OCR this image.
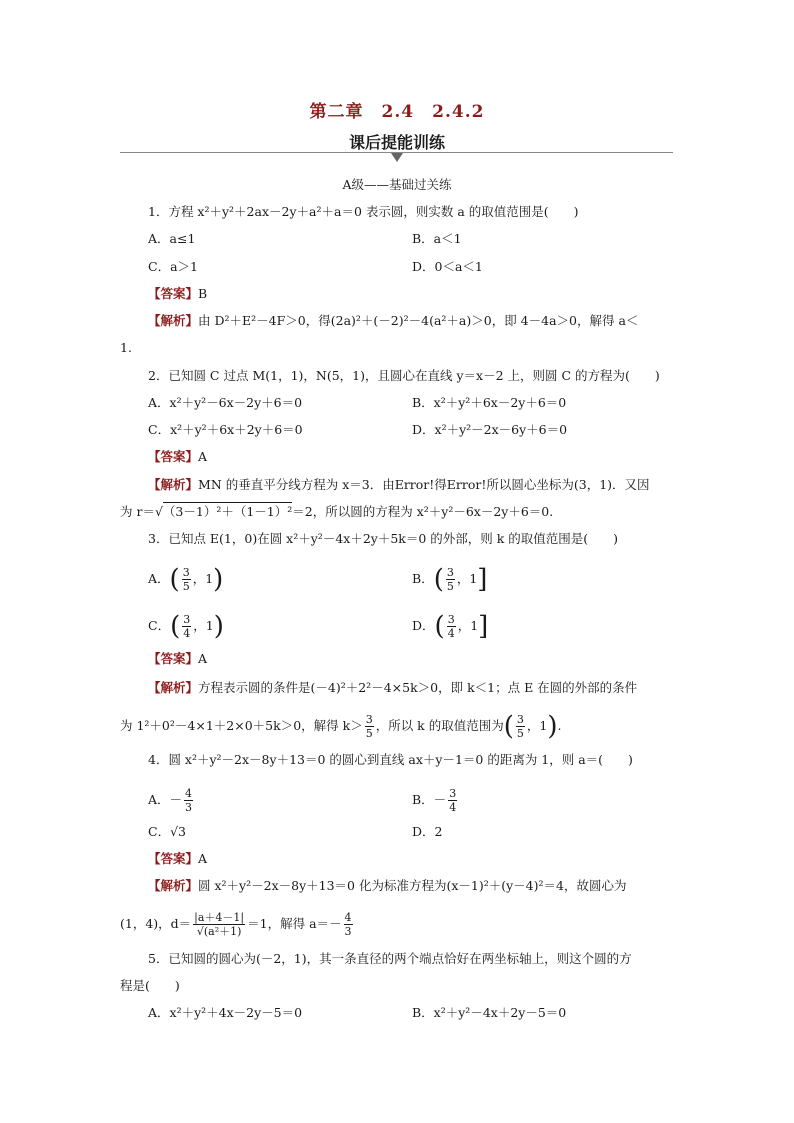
第二章　2.4　2.4.2
课后提能训练
A级——基础过关练
1．方程 x²＋y²＋2ax－2y＋a²＋a＝0 表示圆，则实数 a 的取值范围是(　　)
A．a≤1	B．a＜1
C．a＞1	D．0＜a＜1
【答案】B
【解析】由 D²＋E²－4F＞0，得(2a)²＋(－2)²－4(a²＋a)＞0，即 4－4a＞0，解得 a＜
1.
2．已知圆 C 过点 M(1，1)，N(5，1)，且圆心在直线 y＝x－2 上，则圆 C 的方程为(　　)
A．x²＋y²－6x－2y＋6＝0	B．x²＋y²＋6x－2y＋6＝0
C．x²＋y²＋6x＋2y＋6＝0	D．x²＋y²－2x－6y＋6＝0
【答案】A
【解析】MN 的垂直平分线方程为 x＝3．由Error!得Error!所以圆心坐标为(3，1)．又因
为 r＝√（3－1）²＋（1－1）²＝2，所以圆的方程为 x²＋y²－6x－2y＋6＝0.
3．已知点 E(1，0)在圆 x²＋y²－4x＋2y＋5k＝0 的外部，则 k 的取值范围是(　　)
A．( $\frac{3}{5}$ ，1)	B．( $\frac{3}{5}$ ，1]
C．( $\frac{3}{4}$ ，1)	D．( $\frac{3}{4}$ ，1]
【答案】A
【解析】方程表示圆的条件是(－4)²＋2²－4×5k＞0，即 k＜1；点 E 在圆的外部的条件
为 1²＋0²－4×1＋2×0＋5k＞0，解得 $k> \frac{3}{5}$ ，所以 k 的取值范围为( $\frac{3}{5}$ ，1).
4．圆 x²＋y²－2x－8y＋13＝0 的圆心到直线 ax＋y－1＝0 的距离为 1，则 a＝(　　)
A．－ $\frac{4}{3}$	B．－ $\frac{3}{4}$
C．√3	D．2
【答案】A
【解析】圆 x²＋y²－2x－8y＋13＝0 化为标准方程为(x－1)²＋(y－4)²＝4，故圆心为
(1，4)，$d= \frac{|a+4-1|}{\text{√(a²＋1)}} =1$，解得 $a=- \frac{4}{3}$
5．已知圆的圆心为(－2，1)，其一条直径的两个端点恰好在两坐标轴上，则这个圆的方
程是(　　)
A．x²＋y²＋4x－2y－5＝0	B．x²＋y²－4x＋2y－5＝0
